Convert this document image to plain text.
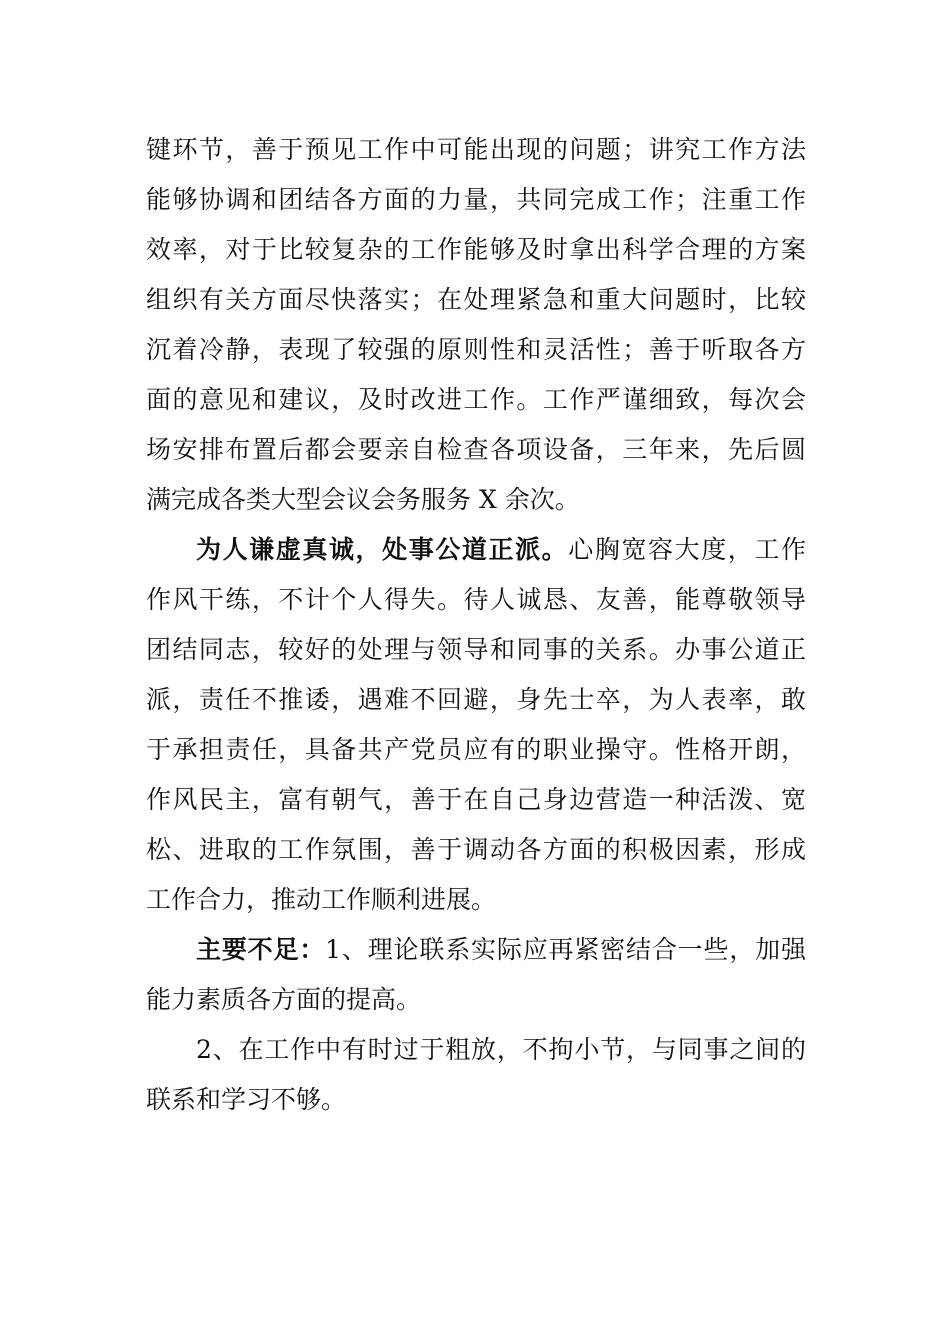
键环节，善于预见工作中可能出现的问题；讲究工作方法
能够协调和团结各方面的力量，共同完成工作；注重工作
效率，对于比较复杂的工作能够及时拿出科学合理的方案
组织有关方面尽快落实；在处理紧急和重大问题时，比较
沉着冷静，表现了较强的原则性和灵活性；善于听取各方
面的意见和建议，及时改进工作。工作严谨细致，每次会
场安排布置后都会要亲自检查各项设备，三年来，先后圆
满完成各类大型会议会务服务 X 余次。
为人谦虚真诚，处事公道正派。心胸宽容大度，工作
作风干练，不计个人得失。待人诚恳、友善，能尊敬领导
团结同志，较好的处理与领导和同事的关系。办事公道正
派，责任不推诿，遇难不回避，身先士卒，为人表率，敢
于承担责任，具备共产党员应有的职业操守。性格开朗，
作风民主，富有朝气，善于在自己身边营造一种活泼、宽
松、进取的工作氛围，善于调动各方面的积极因素，形成
工作合力，推动工作顺利进展。
主要不足：1、理论联系实际应再紧密结合一些，加强
能力素质各方面的提高。
2、在工作中有时过于粗放，不拘小节，与同事之间的
联系和学习不够。
